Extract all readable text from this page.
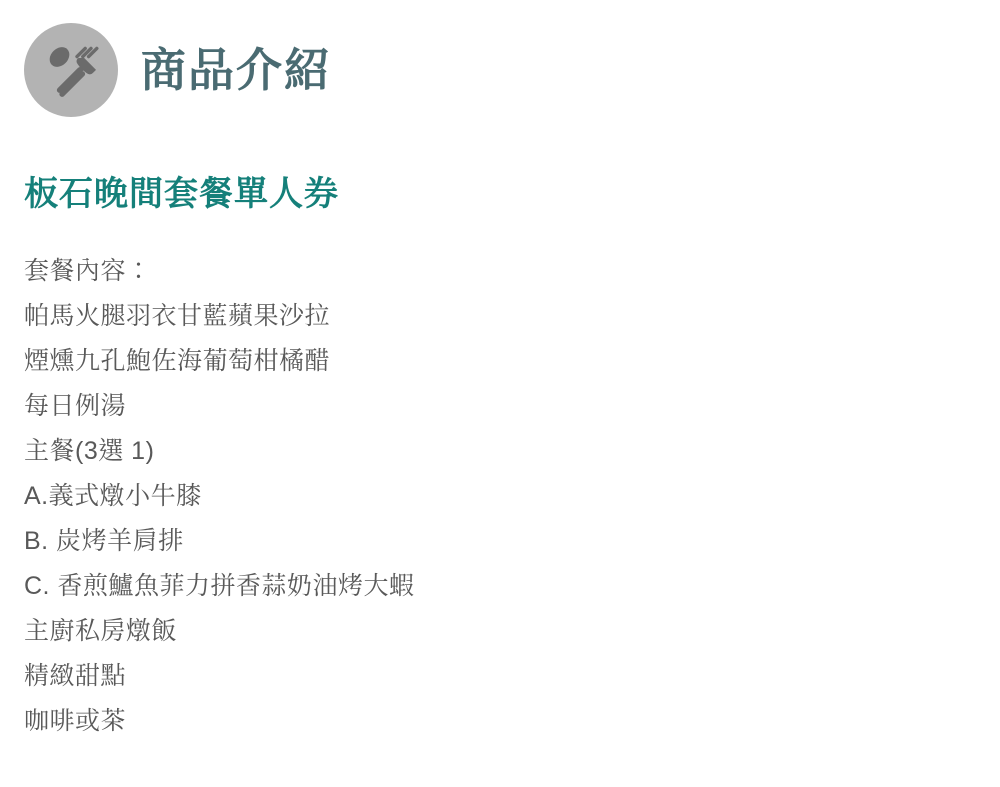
商品介紹
板石晚間套餐單人券
套餐內容：
帕馬火腿羽衣甘藍蘋果沙拉
煙燻九孔鮑佐海葡萄柑橘醋
每日例湯
主餐(3選 1)
A.義式燉小牛膝
B. 炭烤羊肩排
C. 香煎鱸魚菲力拼香蒜奶油烤大蝦
主廚私房燉飯
精緻甜點
咖啡或茶
